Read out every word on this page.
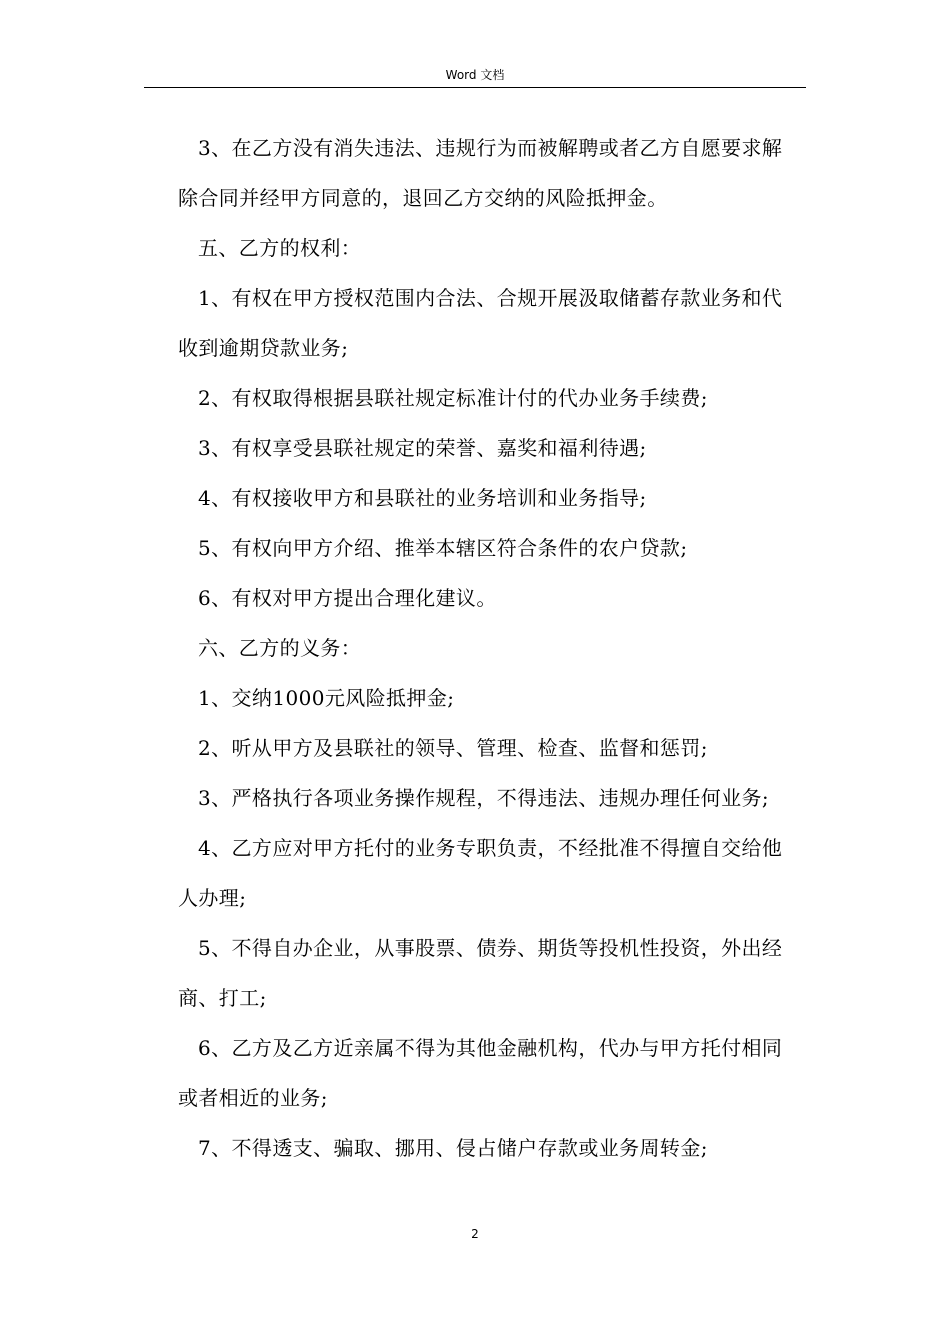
Word 文档

3、在乙方没有消失违法、违规行为而被解聘或者乙方自愿要求解除合同并经甲方同意的，退回乙方交纳的风险抵押金。

五、乙方的权利：

1、有权在甲方授权范围内合法、合规开展汲取储蓄存款业务和代收到逾期贷款业务;

2、有权取得根据县联社规定标准计付的代办业务手续费;

3、有权享受县联社规定的荣誉、嘉奖和福利待遇;

4、有权接收甲方和县联社的业务培训和业务指导;

5、有权向甲方介绍、推举本辖区符合条件的农户贷款;

6、有权对甲方提出合理化建议。

六、乙方的义务：

1、交纳1000元风险抵押金;

2、听从甲方及县联社的领导、管理、检查、监督和惩罚;

3、严格执行各项业务操作规程，不得违法、违规办理任何业务;

4、乙方应对甲方托付的业务专职负责，不经批准不得擅自交给他人办理;

5、不得自办企业，从事股票、债券、期货等投机性投资，外出经商、打工;

6、乙方及乙方近亲属不得为其他金融机构，代办与甲方托付相同或者相近的业务;

7、不得透支、骗取、挪用、侵占储户存款或业务周转金;

2
